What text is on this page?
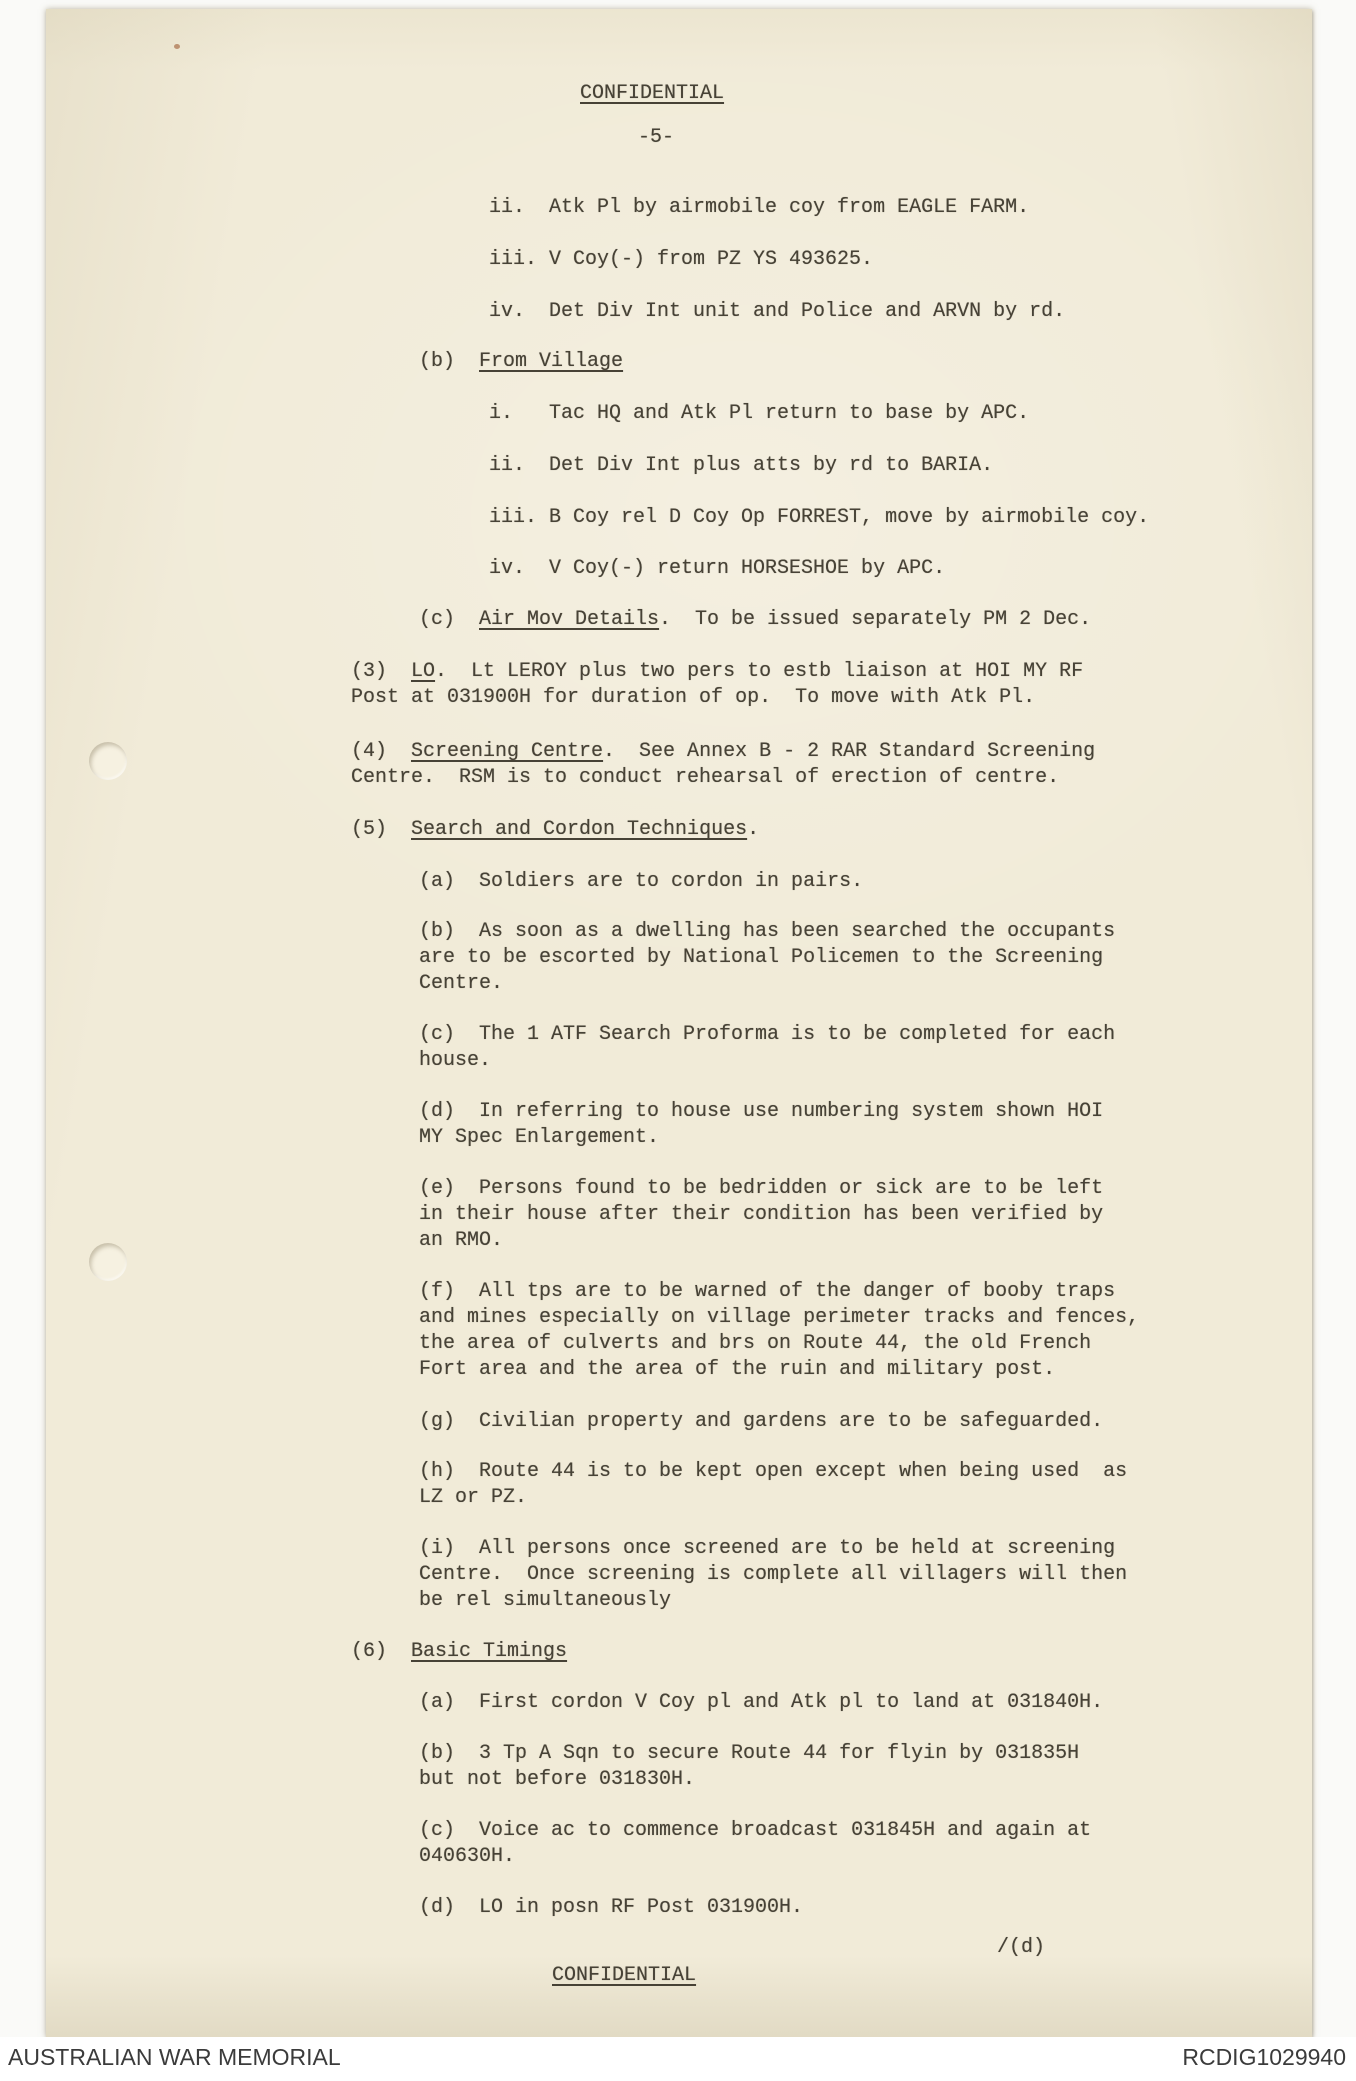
CONFIDENTIAL
-5-
ii.  Atk Pl by airmobile coy from EAGLE FARM.
iii. V Coy(-) from PZ YS 493625.
iv.  Det Div Int unit and Police and ARVN by rd.
(b)  From Village
i.   Tac HQ and Atk Pl return to base by APC.
ii.  Det Div Int plus atts by rd to BARIA.
iii. B Coy rel D Coy Op FORREST, move by airmobile coy.
iv.  V Coy(-) return HORSESHOE by APC.
(c)  Air Mov Details.  To be issued separately PM 2 Dec.
(3)  LO.  Lt LEROY plus two pers to estb liaison at HOI MY RF
Post at 031900H for duration of op.  To move with Atk Pl.
(4)  Screening Centre.  See Annex B - 2 RAR Standard Screening
Centre.  RSM is to conduct rehearsal of erection of centre.
(5)  Search and Cordon Techniques.
(a)  Soldiers are to cordon in pairs.
(b)  As soon as a dwelling has been searched the occupants
are to be escorted by National Policemen to the Screening
Centre.
(c)  The 1 ATF Search Proforma is to be completed for each
house.
(d)  In referring to house use numbering system shown HOI
MY Spec Enlargement.
(e)  Persons found to be bedridden or sick are to be left
in their house after their condition has been verified by
an RMO.
(f)  All tps are to be warned of the danger of booby traps
and mines especially on village perimeter tracks and fences,
the area of culverts and brs on Route 44, the old French
Fort area and the area of the ruin and military post.
(g)  Civilian property and gardens are to be safeguarded.
(h)  Route 44 is to be kept open except when being used  as
LZ or PZ.
(i)  All persons once screened are to be held at screening
Centre.  Once screening is complete all villagers will then
be rel simultaneously
(6)  Basic Timings
(a)  First cordon V Coy pl and Atk pl to land at 031840H.
(b)  3 Tp A Sqn to secure Route 44 for flyin by 031835H
but not before 031830H.
(c)  Voice ac to commence broadcast 031845H and again at
040630H.
(d)  LO in posn RF Post 031900H.
/(d)
CONFIDENTIAL
AUSTRALIAN WAR MEMORIAL	RCDIG1029940
